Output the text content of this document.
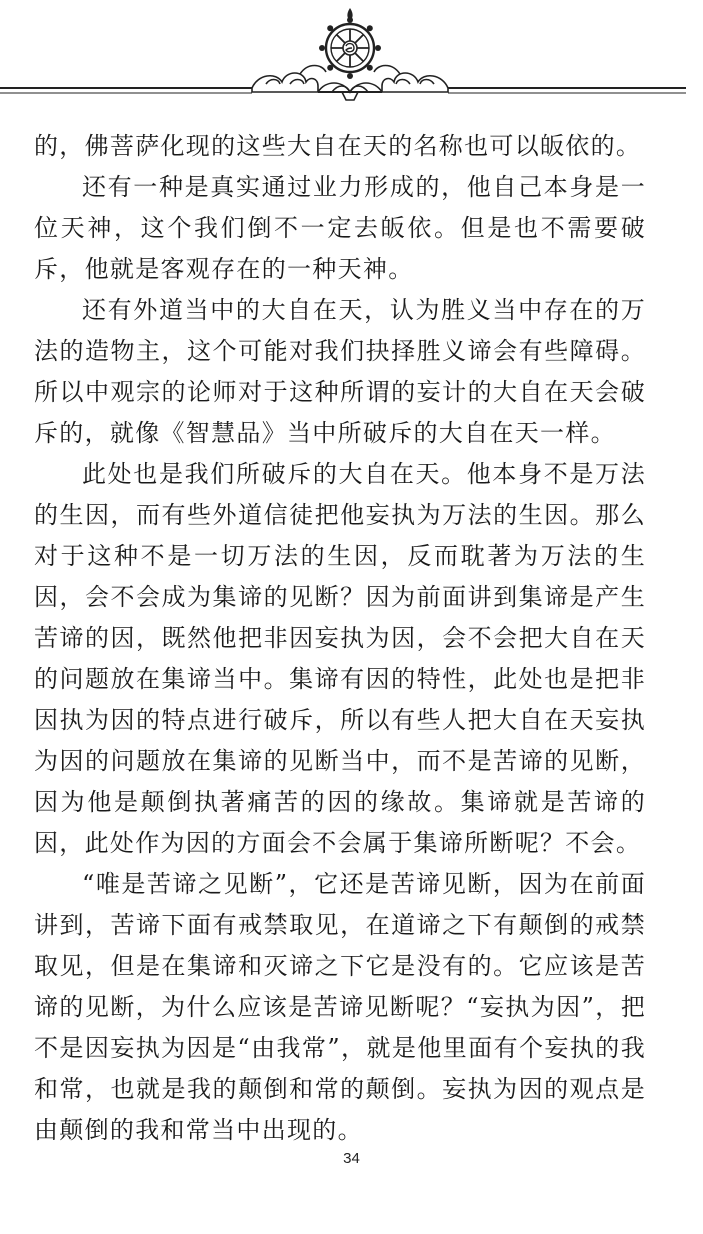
的，佛菩萨化现的这些大自在天的名称也可以皈依的。

还有一种是真实通过业力形成的，他自己本身是一位天神，这个我们倒不一定去皈依。但是也不需要破斥，他就是客观存在的一种天神。

还有外道当中的大自在天，认为胜义当中存在的万法的造物主，这个可能对我们抉择胜义谛会有些障碍。所以中观宗的论师对于这种所谓的妄计的大自在天会破斥的，就像《智慧品》当中所破斥的大自在天一样。

此处也是我们所破斥的大自在天。他本身不是万法的生因，而有些外道信徒把他妄执为万法的生因。那么对于这种不是一切万法的生因，反而耽著为万法的生因，会不会成为集谛的见断？因为前面讲到集谛是产生苦谛的因，既然他把非因妄执为因，会不会把大自在天的问题放在集谛当中。集谛有因的特性，此处也是把非因执为因的特点进行破斥，所以有些人把大自在天妄执为因的问题放在集谛的见断当中，而不是苦谛的见断，因为他是颠倒执著痛苦的因的缘故。集谛就是苦谛的因，此处作为因的方面会不会属于集谛所断呢？不会。

“唯是苦谛之见断”，它还是苦谛见断，因为在前面讲到，苦谛下面有戒禁取见，在道谛之下有颠倒的戒禁取见，但是在集谛和灭谛之下它是没有的。它应该是苦谛的见断，为什么应该是苦谛见断呢？“妄执为因”，把不是因妄执为因是“由我常”，就是他里面有个妄执的我和常，也就是我的颠倒和常的颠倒。妄执为因的观点是由颠倒的我和常当中出现的。

34
